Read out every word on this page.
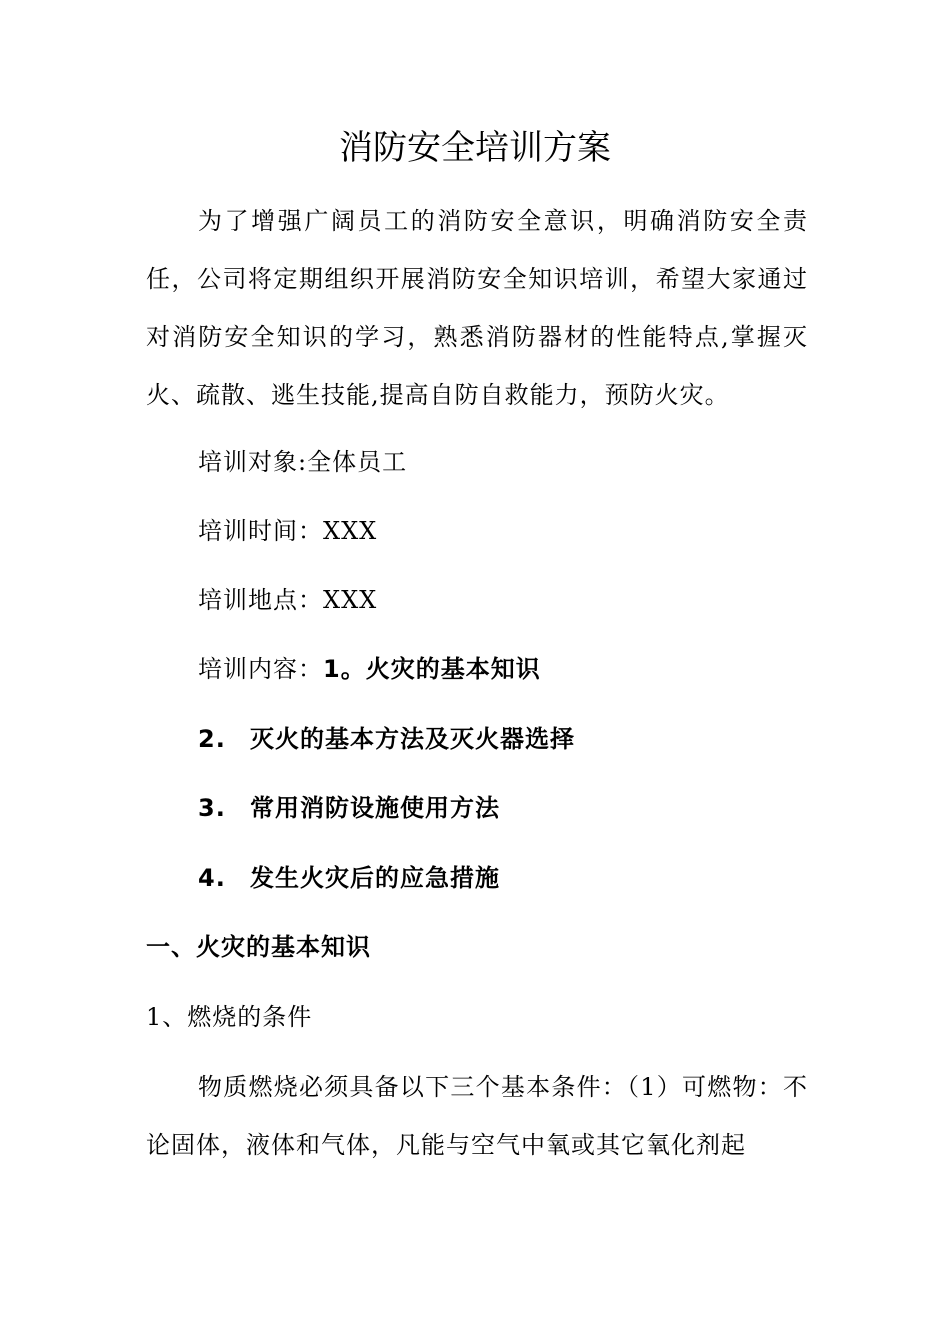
消防安全培训方案
为了增强广阔员工的消防安全意识，明确消防安全责任，公司将定期组织开展消防安全知识培训，希望大家通过对消防安全知识的学习，熟悉消防器材的性能特点,掌握灭火、疏散、逃生技能,提高自防自救能力，预防火灾。
培训对象:全体员工
培训时间：XXX
培训地点：XXX
培训内容：1。火灾的基本知识
2. 灭火的基本方法及灭火器选择
3. 常用消防设施使用方法
4. 发生火灾后的应急措施
一、火灾的基本知识
1、燃烧的条件
物质燃烧必须具备以下三个基本条件：（1）可燃物：不论固体，液体和气体，凡能与空气中氧或其它氧化剂起
